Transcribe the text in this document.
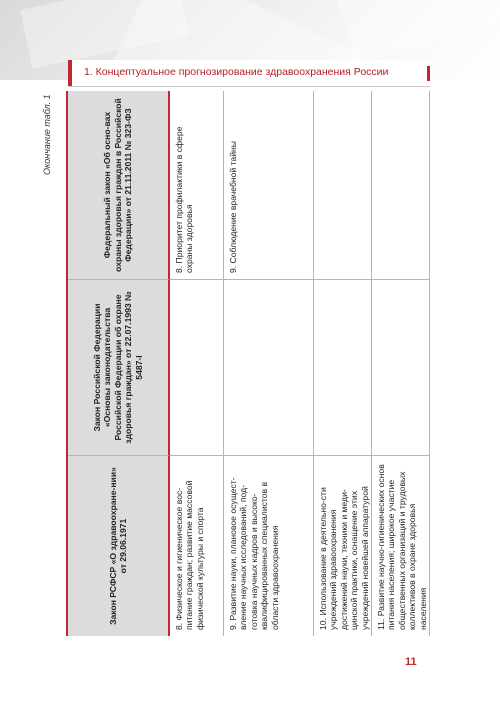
1. Концептуальное прогнозирование здравоохранения России
Окончание табл. 1
Закон РСФСР «О здравоохране-нии» от 29.06.1971
Закон Российской Федерации «Основы законодательства Российской Федерации об охране здоровья граждан» от 22.07.1993 № 5487-I
Федеральный закон «Об осно-вах охраны здоровья граждан в Российской Федерации» от 21.11.2011 № 323-ФЗ
8. Физическое и гигиеническое вос-питание граждан; развитие массовой физической культуры и спорта
8. Приоритет профилактики в сфере охраны здоровья
9. Развитие науки, плановое осущест-вление научных исследований, под-готовка научных кадров и высоко-квалифицированных специалистов в области здравоохранения
9. Соблюдение врачебной тайны
10. Использование в деятельно-сти учреждений здравоохранения достижений науки, техники и меди-цинской практики, оснащение этих учреждений новейшей аппаратурой 11. Развитие научно-гигиенических основ питания населения; широкое участие общественных организаций и трудовых коллективов в охране здоровья населения
11
